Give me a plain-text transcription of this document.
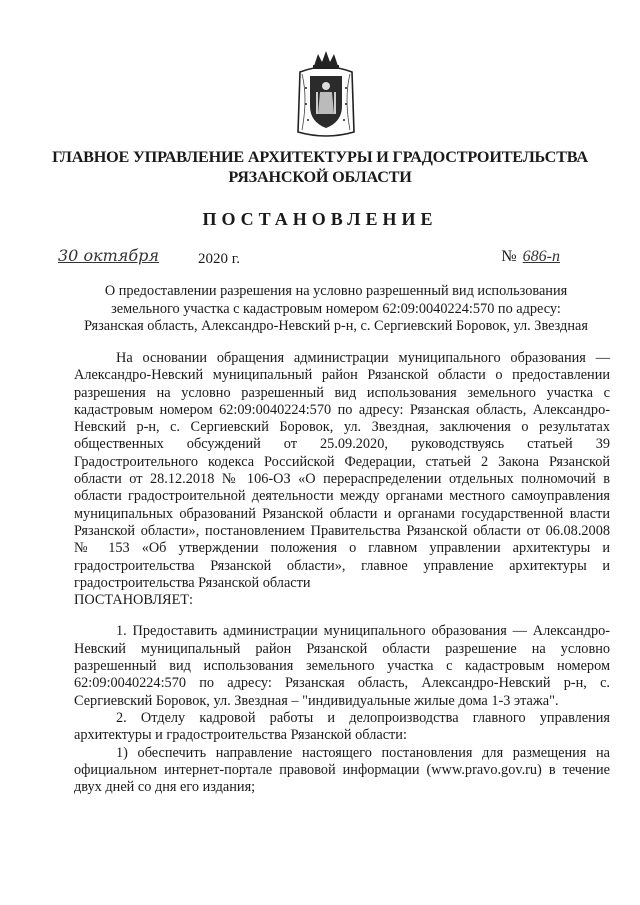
ГЛАВНОЕ УПРАВЛЕНИЕ АРХИТЕКТУРЫ И ГРАДОСТРОИТЕЛЬСТВА
РЯЗАНСКОЙ ОБЛАСТИ
ПОСТАНОВЛЕНИЕ
30 октября	2020 г.	№ 686-п
О предоставлении разрешения на условно разрешенный вид использования
земельного участка с кадастровым номером 62:09:0040224:570 по адресу:
Рязанская область, Александро-Невский р-н, с. Сергиевский Боровок, ул. Звездная

На основании обращения администрации муниципального образования — Александро-Невский муниципальный район Рязанской области о предоставлении разрешения на условно разрешенный вид использования земельного участка с кадастровым номером 62:09:0040224:570 по адресу: Рязанская область, Александро-Невский р-н, с. Сергиевский Боровок, ул. Звездная, заключения о результатах общественных обсуждений от 25.09.2020, руководствуясь статьей 39 Градостроительного кодекса Российской Федерации, статьей 2 Закона Рязанской области от 28.12.2018 № 106-ОЗ «О перераспределении отдельных полномочий в области градостроительной деятельности между органами местного самоуправления муниципальных образований Рязанской области и органами государственной власти Рязанской области», постановлением Правительства Рязанской области от 06.08.2008 № 153 «Об утверждении положения о главном управлении архитектуры и градостроительства Рязанской области», главное управление архитектуры и градостроительства Рязанской области

ПОСТАНОВЛЯЕТ:

1. Предоставить администрации муниципального образования — Александро-Невский муниципальный район Рязанской области разрешение на условно разрешенный вид использования земельного участка с кадастровым номером 62:09:0040224:570 по адресу: Рязанская область, Александро-Невский р-н, с. Сергиевский Боровок, ул. Звездная – "индивидуальные жилые дома 1-3 этажа".

2. Отделу кадровой работы и делопроизводства главного управления архитектуры и градостроительства Рязанской области:

1) обеспечить направление настоящего постановления для размещения на официальном интернет-портале правовой информации (www.pravo.gov.ru) в течение двух дней со дня его издания;
